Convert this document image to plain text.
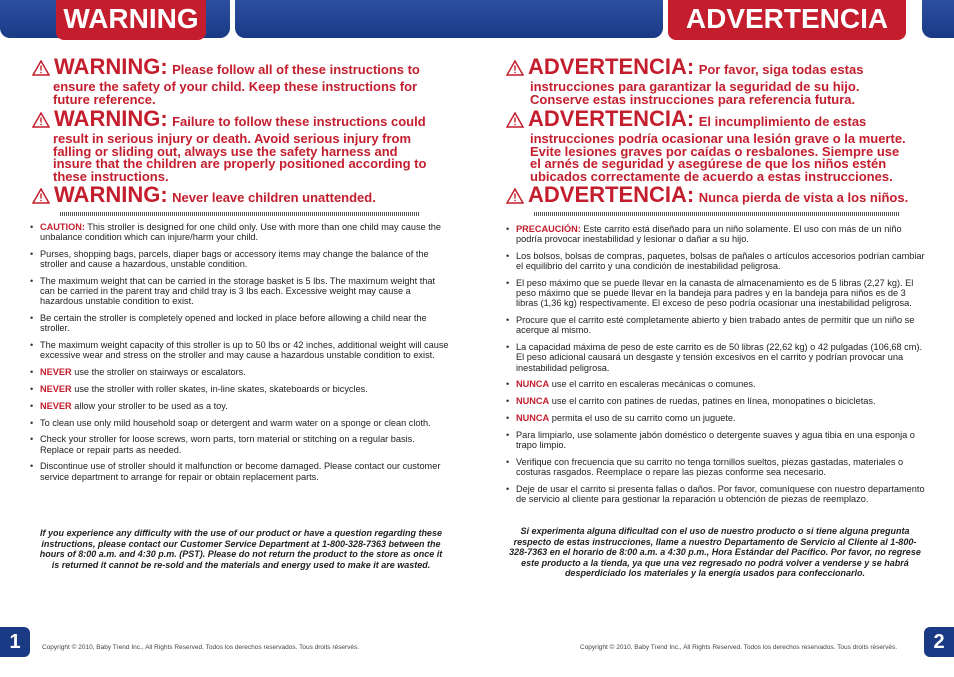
WARNING	ADVERTENCIA
WARNING: Please follow all of these instructions to
ensure the safety of your child. Keep these instructions for
future reference.
WARNING: Failure to follow these instructions could
result in serious injury or death. Avoid serious injury from
falling or sliding out, always use the safety harness and
insure that the children are properly positioned according to
these instructions.
WARNING: Never leave children unattended.
• CAUTION: This stroller is designed for one child only. Use with more than one child may cause the unbalance condition which can injure/harm your child.
• Purses, shopping bags, parcels, diaper bags or accessory items may change the balance of the stroller and cause a hazardous, unstable condition.
• The maximum weight that can be carried in the storage basket is 5 lbs. The maximum weight that can be carried in the parent tray and child tray is 3 lbs each. Excessive weight may cause a hazardous unstable condition to exist.
• Be certain the stroller is completely opened and locked in place before allowing a child near the stroller.
• The maximum weight capacity of this stroller is up to 50 lbs or 42 inches, additional weight will cause excessive wear and stress on the stroller and may cause a hazardous unstable condition to exist.
• NEVER use the stroller on stairways or escalators.
• NEVER use the stroller with roller skates, in-line skates, skateboards or bicycles.
• NEVER allow your stroller to be used as a toy.
• To clean use only mild household soap or detergent and warm water on a sponge or clean cloth.
• Check your stroller for loose screws, worn parts, torn material or stitching on a regular basis. Replace or repair parts as needed.
• Discontinue use of stroller should it malfunction or become damaged. Please contact our customer service department to arrange for repair or obtain replacement parts.
If you experience any difficulty with the use of our product or have a question regarding these instructions, please contact our Customer Service Department at 1-800-328-7363 between the hours of 8:00 a.m. and 4:30 p.m. (PST). Please do not return the product to the store as once it is returned it cannot be re-sold and the materials and energy used to make it are wasted.
1	Copyright © 2010, Baby Trend Inc., All Rights Reserved. Todos los derechos reservados. Tous droits réservés.
ADVERTENCIA: Por favor, siga todas estas
instrucciones para garantizar la seguridad de su hijo.
Conserve estas instrucciones para referencia futura.
ADVERTENCIA: El incumplimiento de estas
instrucciones podría ocasionar una lesión grave o la muerte.
Evite lesiones graves por caídas o resbalones. Siempre use
el arnés de seguridad y asegúrese de que los niños estén
ubicados correctamente de acuerdo a estas instrucciones.
ADVERTENCIA: Nunca pierda de vista a los niños.
• PRECAUCIÓN: Este carrito está diseñado para un niño solamente. El uso con más de un niño podría provocar inestabilidad y lesionar o dañar a su hijo.
• Los bolsos, bolsas de compras, paquetes, bolsas de pañales o artículos accesorios podrían cambiar el equilibrio del carrito y una condición de inestabilidad peligrosa.
• El peso máximo que se puede llevar en la canasta de almacenamiento es de 5 libras (2,27 kg). El peso máximo que se puede llevar en la bandeja para padres y en la bandeja para niños es de 3 libras (1,36 kg) respectivamente. El exceso de peso podría ocasionar una inestabilidad peligrosa.
• Procure que el carrito esté completamente abierto y bien trabado antes de permitir que un niño se acerque al mismo.
• La capacidad máxima de peso de este carrito es de 50 libras (22,62 kg) o 42 pulgadas (106,68 cm). El peso adicional causará un desgaste y tensión excesivos en el carrito y podrían provocar una inestabilidad peligrosa.
• NUNCA use el carrito en escaleras mecánicas o comunes.
• NUNCA use el carrito con patines de ruedas, patines en línea, monopatines o bicicletas.
• NUNCA permita el uso de su carrito como un juguete.
• Para limpiarlo, use solamente jabón doméstico o detergente suaves y agua tibia en una esponja o trapo limpio.
• Verifique con frecuencia que su carrito no tenga tornillos sueltos, piezas gastadas, materiales o costuras rasgados. Reemplace o repare las piezas conforme sea necesario.
• Deje de usar el carrito si presenta fallas o daños. Por favor, comuníquese con nuestro departamento de servicio al cliente para gestionar la reparación u obtención de piezas de reemplazo.
Si experimenta alguna dificultad con el uso de nuestro producto o si tiene alguna pregunta respecto de estas instrucciones, llame a nuestro Departamento de Servicio al Cliente al 1-800-328-7363 en el horario de 8:00 a.m. a 4:30 p.m., Hora Estándar del Pacífico. Por favor, no regrese este producto a la tienda, ya que una vez regresado no podrá volver a venderse y se habrá desperdiciado los materiales y la energía usados para confeccionarlo.
2
Copyright © 2010, Baby Trend Inc., All Rights Reserved. Todos los derechos reservados. Tous droits réservés.
